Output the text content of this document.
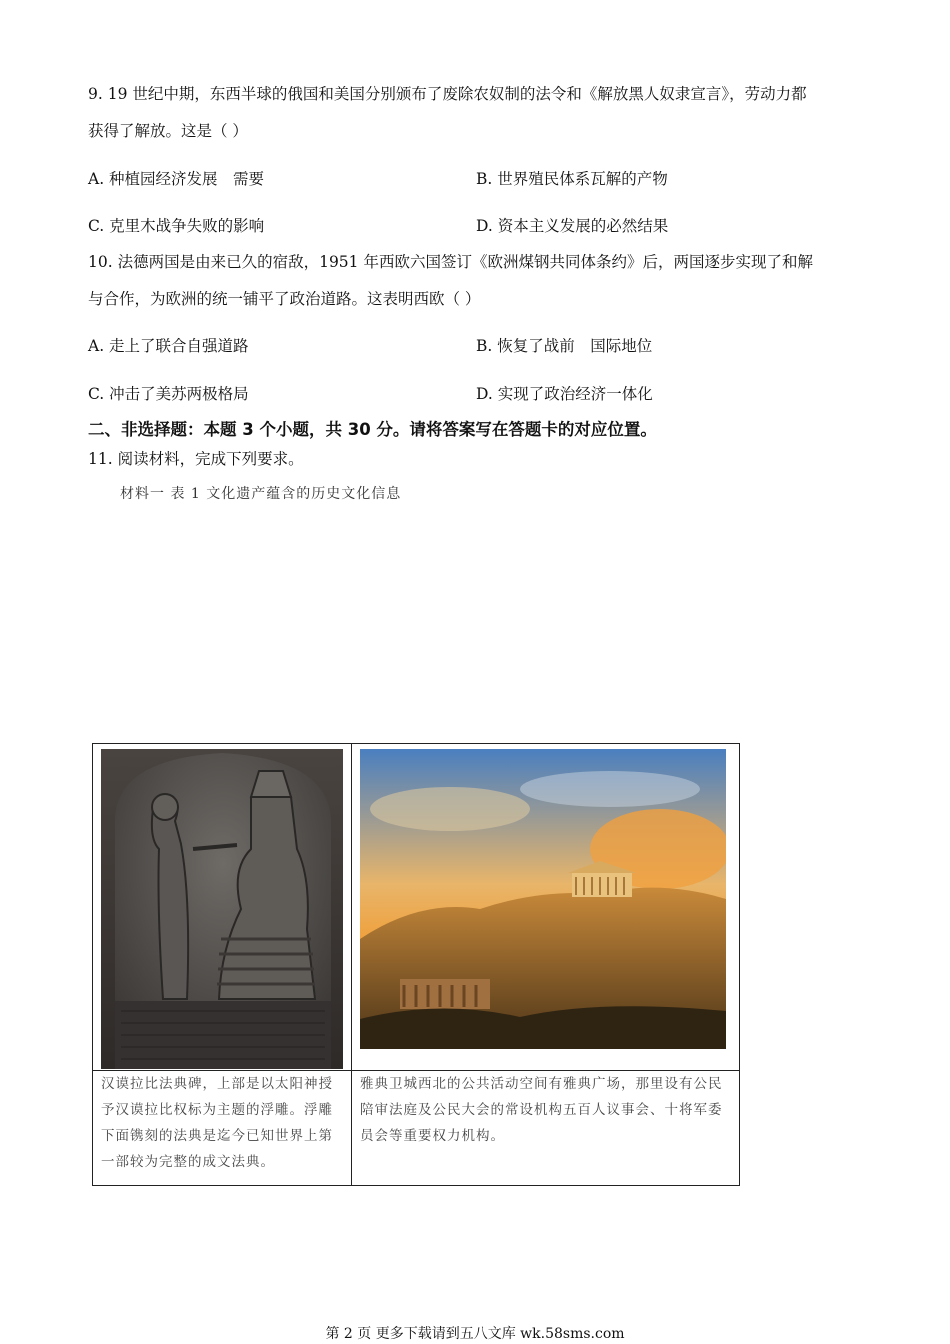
9. 19 世纪中期，东西半球的俄国和美国分别颁布了废除农奴制的法令和《解放黑人奴隶宣言》，劳动力都
获得了解放。这是（ ）
A. 种植园经济发展　需要	B. 世界殖民体系瓦解的产物
C. 克里木战争失败的影响	D. 资本主义发展的必然结果
10. 法德两国是由来已久的宿敌，1951 年西欧六国签订《欧洲煤钢共同体条约》后，两国逐步实现了和解
与合作，为欧洲的统一铺平了政治道路。这表明西欧（ ）
A. 走上了联合自强道路	B. 恢复了战前　国际地位
C. 冲击了美苏两极格局	D. 实现了政治经济一体化
二、非选择题：本题 3 个小题，共 30 分。请将答案写在答题卡的对应位置。
11. 阅读材料，完成下列要求。
材料一 表 1 文化遗产蕴含的历史文化信息

汉谟拉比法典碑，上部是以太阳神授予汉谟拉比权标为主题的浮雕。浮雕下面镌刻的法典是迄今已知世界上第一部较为完整的成文法典。	雅典卫城西北的公共活动空间有雅典广场，那里设有公民陪审法庭及公民大会的常设机构五百人议事会、十将军委员会等重要权力机构。
第 2 页 更多下载请到五八文库 wk.58sms.com
